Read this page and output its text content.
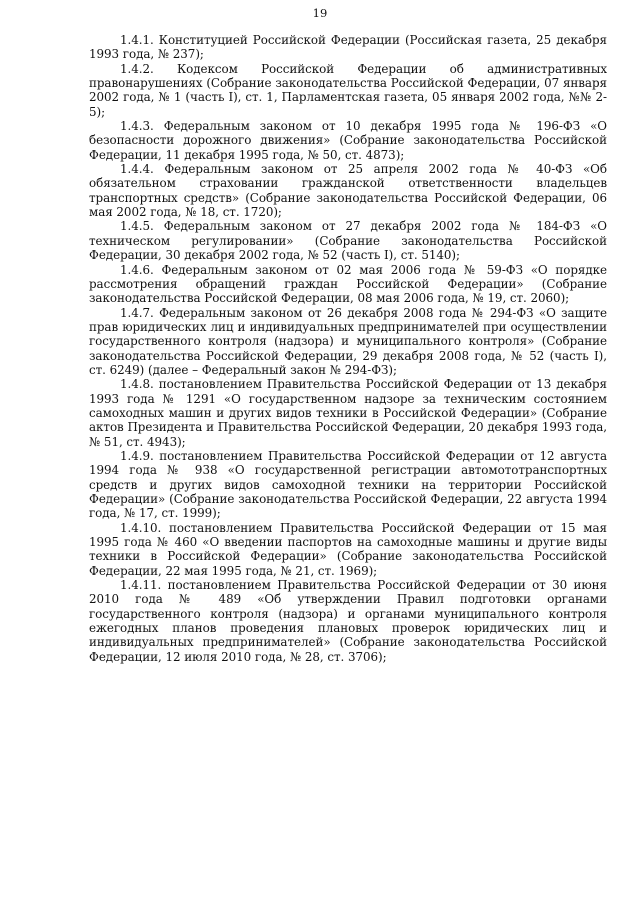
19

1.4.1. Конституцией Российской Федерации (Российская газета, 25 декабря 1993 года, № 237);

1.4.2. Кодексом Российской Федерации об административных правонарушениях (Собрание законодательства Российской Федерации, 07 января 2002 года, № 1 (часть I), ст. 1, Парламентская газета, 05 января 2002 года, №№ 2-5);

1.4.3. Федеральным законом от 10 декабря 1995 года № 196-ФЗ «О безопасности дорожного движения» (Собрание законодательства Российской Федерации, 11 декабря 1995 года, № 50, ст. 4873);

1.4.4. Федеральным законом от 25 апреля 2002 года № 40-ФЗ «Об обязательном страховании гражданской ответственности владельцев транспортных средств» (Собрание законодательства Российской Федерации, 06 мая 2002 года, № 18, ст. 1720);

1.4.5. Федеральным законом от 27 декабря 2002 года № 184-ФЗ «О техническом регулировании» (Собрание законодательства Российской Федерации, 30 декабря 2002 года, № 52 (часть I), ст. 5140);

1.4.6. Федеральным законом от 02 мая 2006 года № 59-ФЗ «О порядке рассмотрения обращений граждан Российской Федерации» (Собрание законодательства Российской Федерации, 08 мая 2006 года, № 19, ст. 2060);

1.4.7. Федеральным законом от 26 декабря 2008 года № 294-ФЗ «О защите прав юридических лиц и индивидуальных предпринимателей при осуществлении государственного контроля (надзора) и муниципального контроля» (Собрание законодательства Российской Федерации, 29 декабря 2008 года, № 52 (часть I), ст. 6249) (далее – Федеральный закон № 294-ФЗ);

1.4.8. постановлением Правительства Российской Федерации от 13 декабря 1993 года № 1291 «О государственном надзоре за техническим состоянием самоходных машин и других видов техники в Российской Федерации» (Собрание актов Президента и Правительства Российской Федерации, 20 декабря 1993 года, № 51, ст. 4943);

1.4.9. постановлением Правительства Российской Федерации от 12 августа 1994 года № 938 «О государственной регистрации автомототранспортных средств и других видов самоходной техники на территории Российской Федерации» (Собрание законодательства Российской Федерации, 22 августа 1994 года, № 17, ст. 1999);

1.4.10. постановлением Правительства Российской Федерации от 15 мая 1995 года № 460 «О введении паспортов на самоходные машины и другие виды техники в Российской Федерации» (Собрание законодательства Российской Федерации, 22 мая 1995 года, № 21, ст. 1969);

1.4.11. постановлением Правительства Российской Федерации от 30 июня 2010 года № 489 «Об утверждении Правил подготовки органами государственного контроля (надзора) и органами муниципального контроля ежегодных планов проведения плановых проверок юридических лиц и индивидуальных предпринимателей» (Собрание законодательства Российской Федерации, 12 июля 2010 года, № 28, ст. 3706);
